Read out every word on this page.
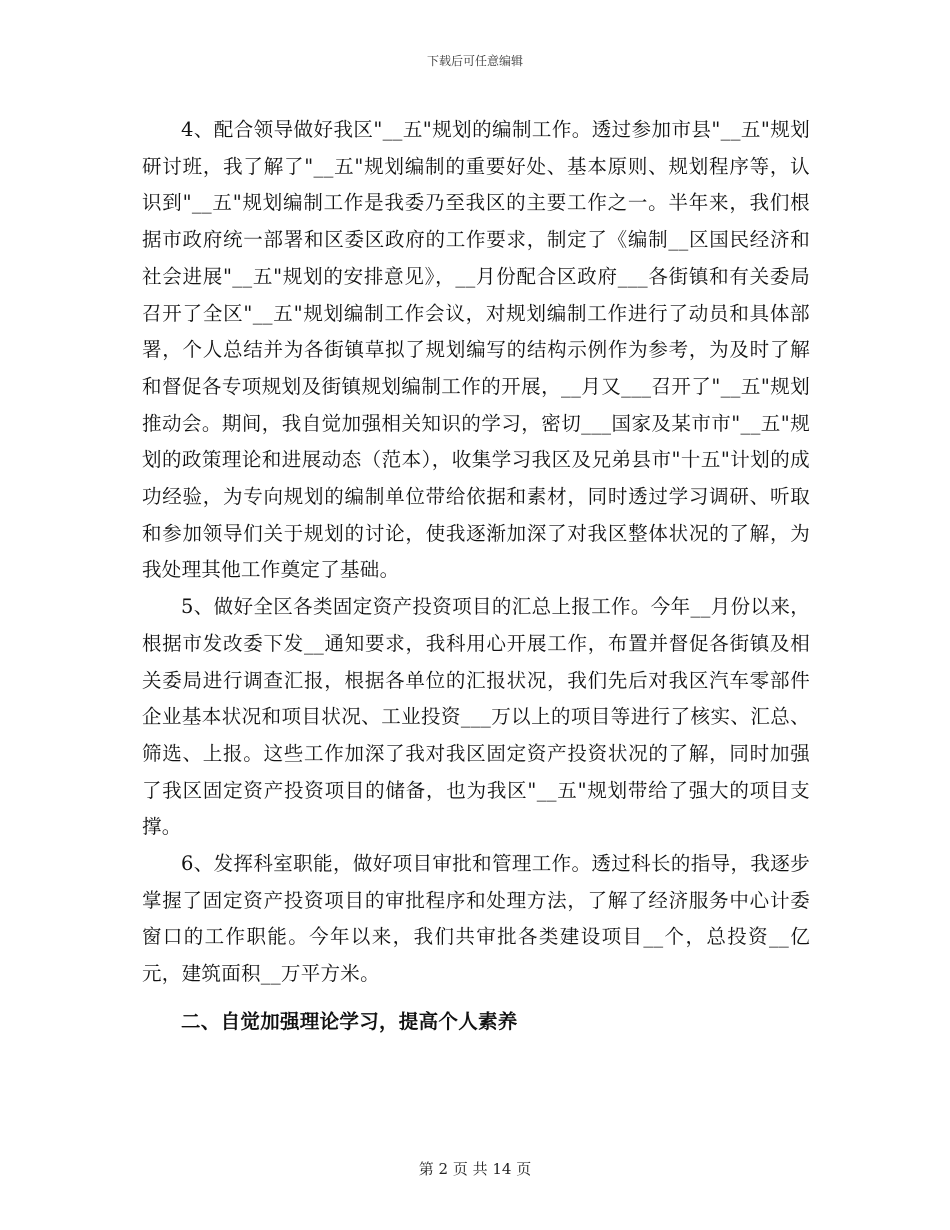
下载后可任意编辑

4、配合领导做好我区"__五"规划的编制工作。透过参加市县"__五"规划研讨班，我了解了"__五"规划编制的重要好处、基本原则、规划程序等，认识到"__五"规划编制工作是我委乃至我区的主要工作之一。半年来，我们根据市政府统一部署和区委区政府的工作要求，制定了《编制__区国民经济和社会进展"__五"规划的安排意见》，__月份配合区政府___各街镇和有关委局召开了全区"__五"规划编制工作会议，对规划编制工作进行了动员和具体部署，个人总结并为各街镇草拟了规划编写的结构示例作为参考，为及时了解和督促各专项规划及街镇规划编制工作的开展，__月又___召开了"__五"规划推动会。期间，我自觉加强相关知识的学习，密切___国家及某市市"__五"规划的政策理论和进展动态（范本），收集学习我区及兄弟县市"十五"计划的成功经验，为专向规划的编制单位带给依据和素材，同时透过学习调研、听取和参加领导们关于规划的讨论，使我逐渐加深了对我区整体状况的了解，为我处理其他工作奠定了基础。

5、做好全区各类固定资产投资项目的汇总上报工作。今年__月份以来，根据市发改委下发__通知要求，我科用心开展工作，布置并督促各街镇及相关委局进行调查汇报，根据各单位的汇报状况，我们先后对我区汽车零部件企业基本状况和项目状况、工业投资___万以上的项目等进行了核实、汇总、筛选、上报。这些工作加深了我对我区固定资产投资状况的了解，同时加强了我区固定资产投资项目的储备，也为我区"__五"规划带给了强大的项目支撑。

6、发挥科室职能，做好项目审批和管理工作。透过科长的指导，我逐步掌握了固定资产投资项目的审批程序和处理方法，了解了经济服务中心计委窗口的工作职能。今年以来，我们共审批各类建设项目__个，总投资__亿元，建筑面积__万平方米。

二、自觉加强理论学习，提高个人素养

第 2 页 共 14 页
